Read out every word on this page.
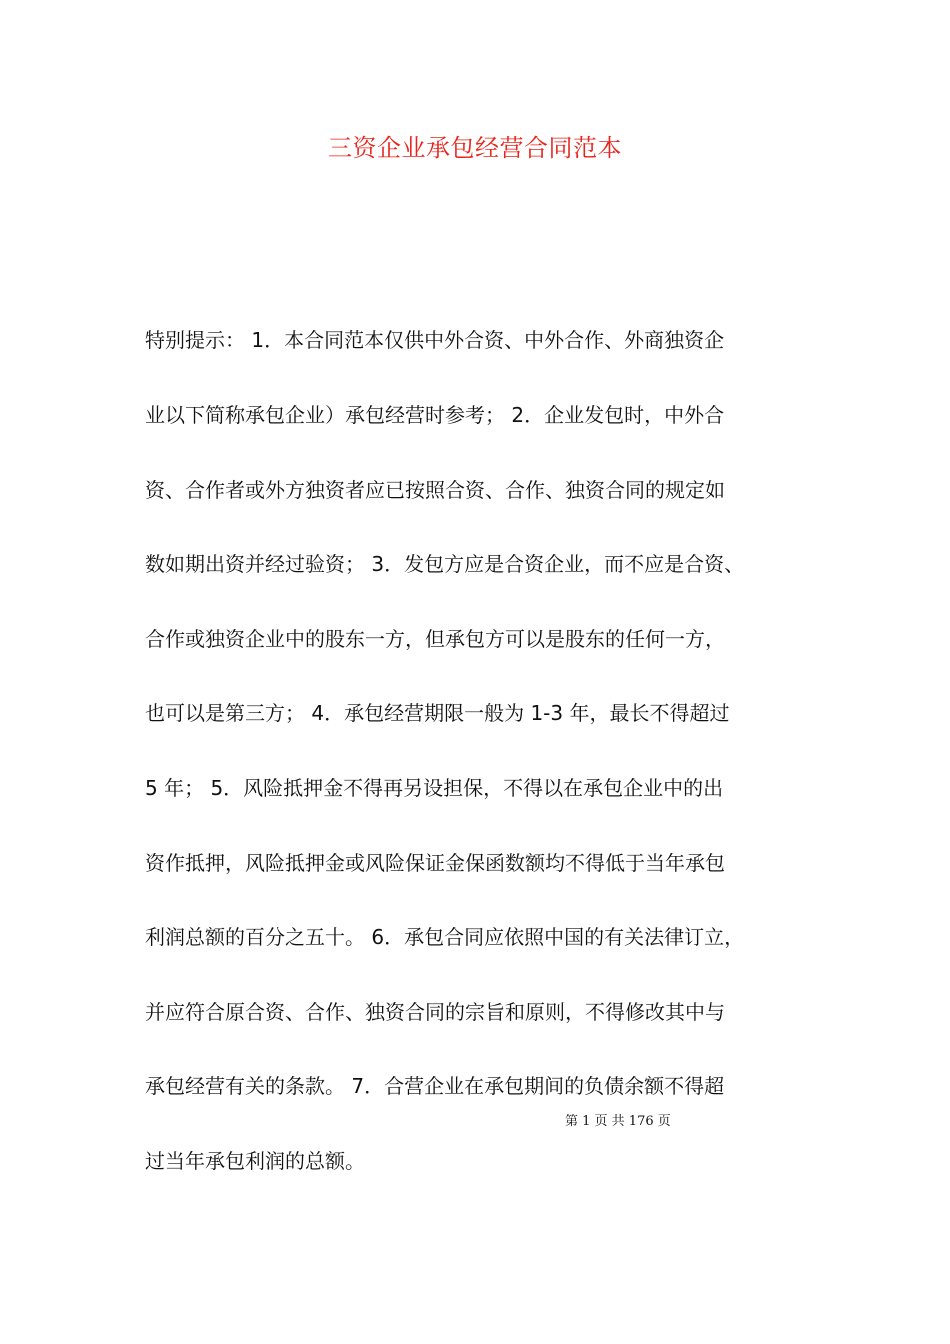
三资企业承包经营合同范本
特别提示： 1．本合同范本仅供中外合资、中外合作、外商独资企
业以下简称承包企业）承包经营时参考； 2．企业发包时，中外合
资、合作者或外方独资者应已按照合资、合作、独资合同的规定如
数如期出资并经过验资； 3．发包方应是合资企业，而不应是合资、
合作或独资企业中的股东一方，但承包方可以是股东的任何一方，
也可以是第三方； 4．承包经营期限一般为 1-3 年，最长不得超过
5 年； 5．风险抵押金不得再另设担保，不得以在承包企业中的出
资作抵押，风险抵押金或风险保证金保函数额均不得低于当年承包
利润总额的百分之五十。 6．承包合同应依照中国的有关法律订立，
并应符合原合资、合作、独资合同的宗旨和原则，不得修改其中与
承包经营有关的条款。 7．合营企业在承包期间的负债余额不得超
第 1 页 共 176 页
过当年承包利润的总额。
